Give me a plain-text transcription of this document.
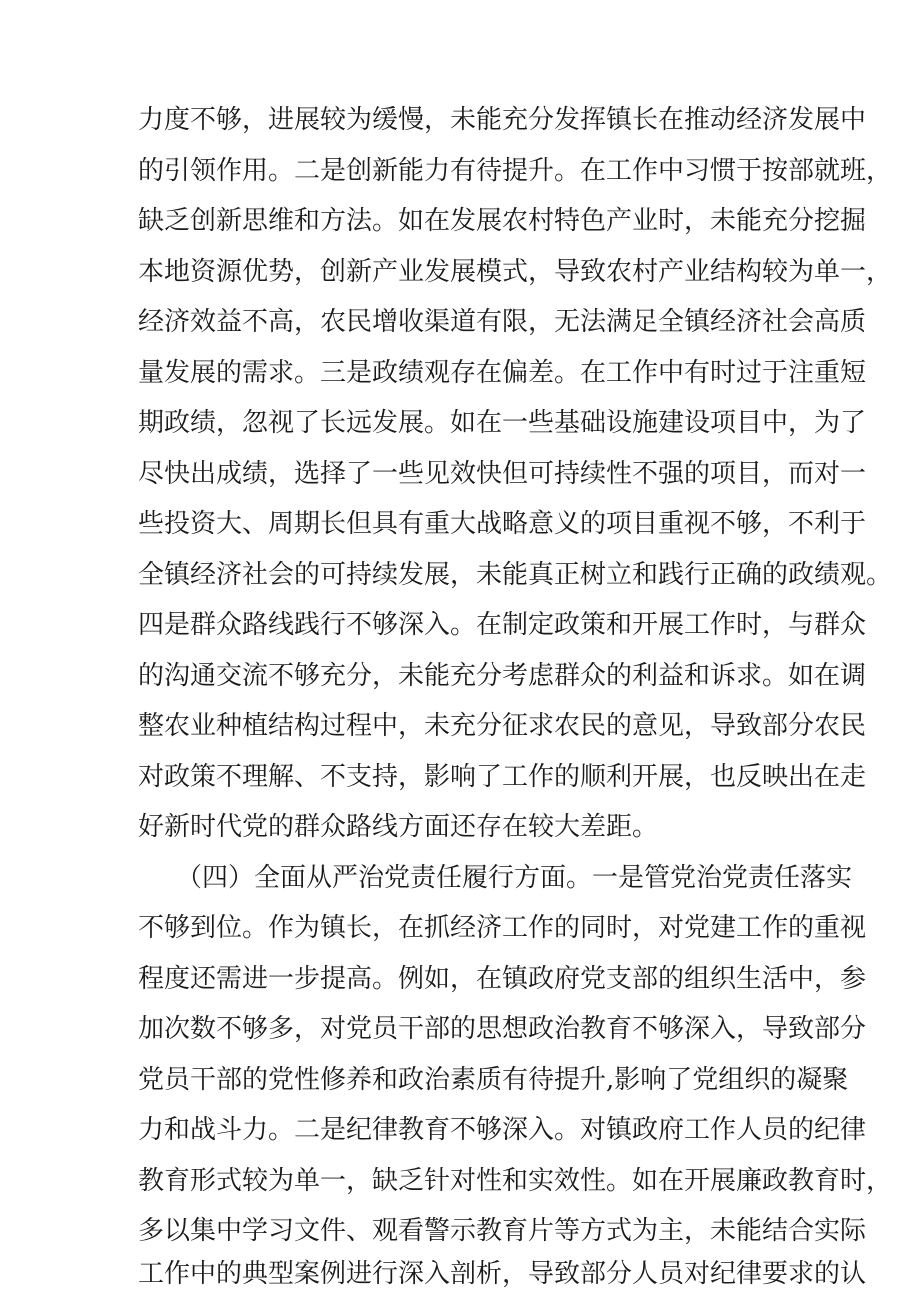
力度不够，进展较为缓慢，未能充分发挥镇长在推动经济发展中
的引领作用。二是创新能力有待提升。在工作中习惯于按部就班，
缺乏创新思维和方法。如在发展农村特色产业时，未能充分挖掘
本地资源优势，创新产业发展模式，导致农村产业结构较为单一，
经济效益不高，农民增收渠道有限，无法满足全镇经济社会高质
量发展的需求。三是政绩观存在偏差。在工作中有时过于注重短
期政绩，忽视了长远发展。如在一些基础设施建设项目中，为了
尽快出成绩，选择了一些见效快但可持续性不强的项目，而对一
些投资大、周期长但具有重大战略意义的项目重视不够，不利于
全镇经济社会的可持续发展，未能真正树立和践行正确的政绩观。
四是群众路线践行不够深入。在制定政策和开展工作时，与群众
的沟通交流不够充分，未能充分考虑群众的利益和诉求。如在调
整农业种植结构过程中，未充分征求农民的意见，导致部分农民
对政策不理解、不支持，影响了工作的顺利开展，也反映出在走
好新时代党的群众路线方面还存在较大差距。
（四）全面从严治党责任履行方面。一是管党治党责任落实
不够到位。作为镇长，在抓经济工作的同时，对党建工作的重视
程度还需进一步提高。例如，在镇政府党支部的组织生活中，参
加次数不够多，对党员干部的思想政治教育不够深入，导致部分
党员干部的党性修养和政治素质有待提升,影响了党组织的凝聚
力和战斗力。二是纪律教育不够深入。对镇政府工作人员的纪律
教育形式较为单一，缺乏针对性和实效性。如在开展廉政教育时，
多以集中学习文件、观看警示教育片等方式为主，未能结合实际
工作中的典型案例进行深入剖析，导致部分人员对纪律要求的认
